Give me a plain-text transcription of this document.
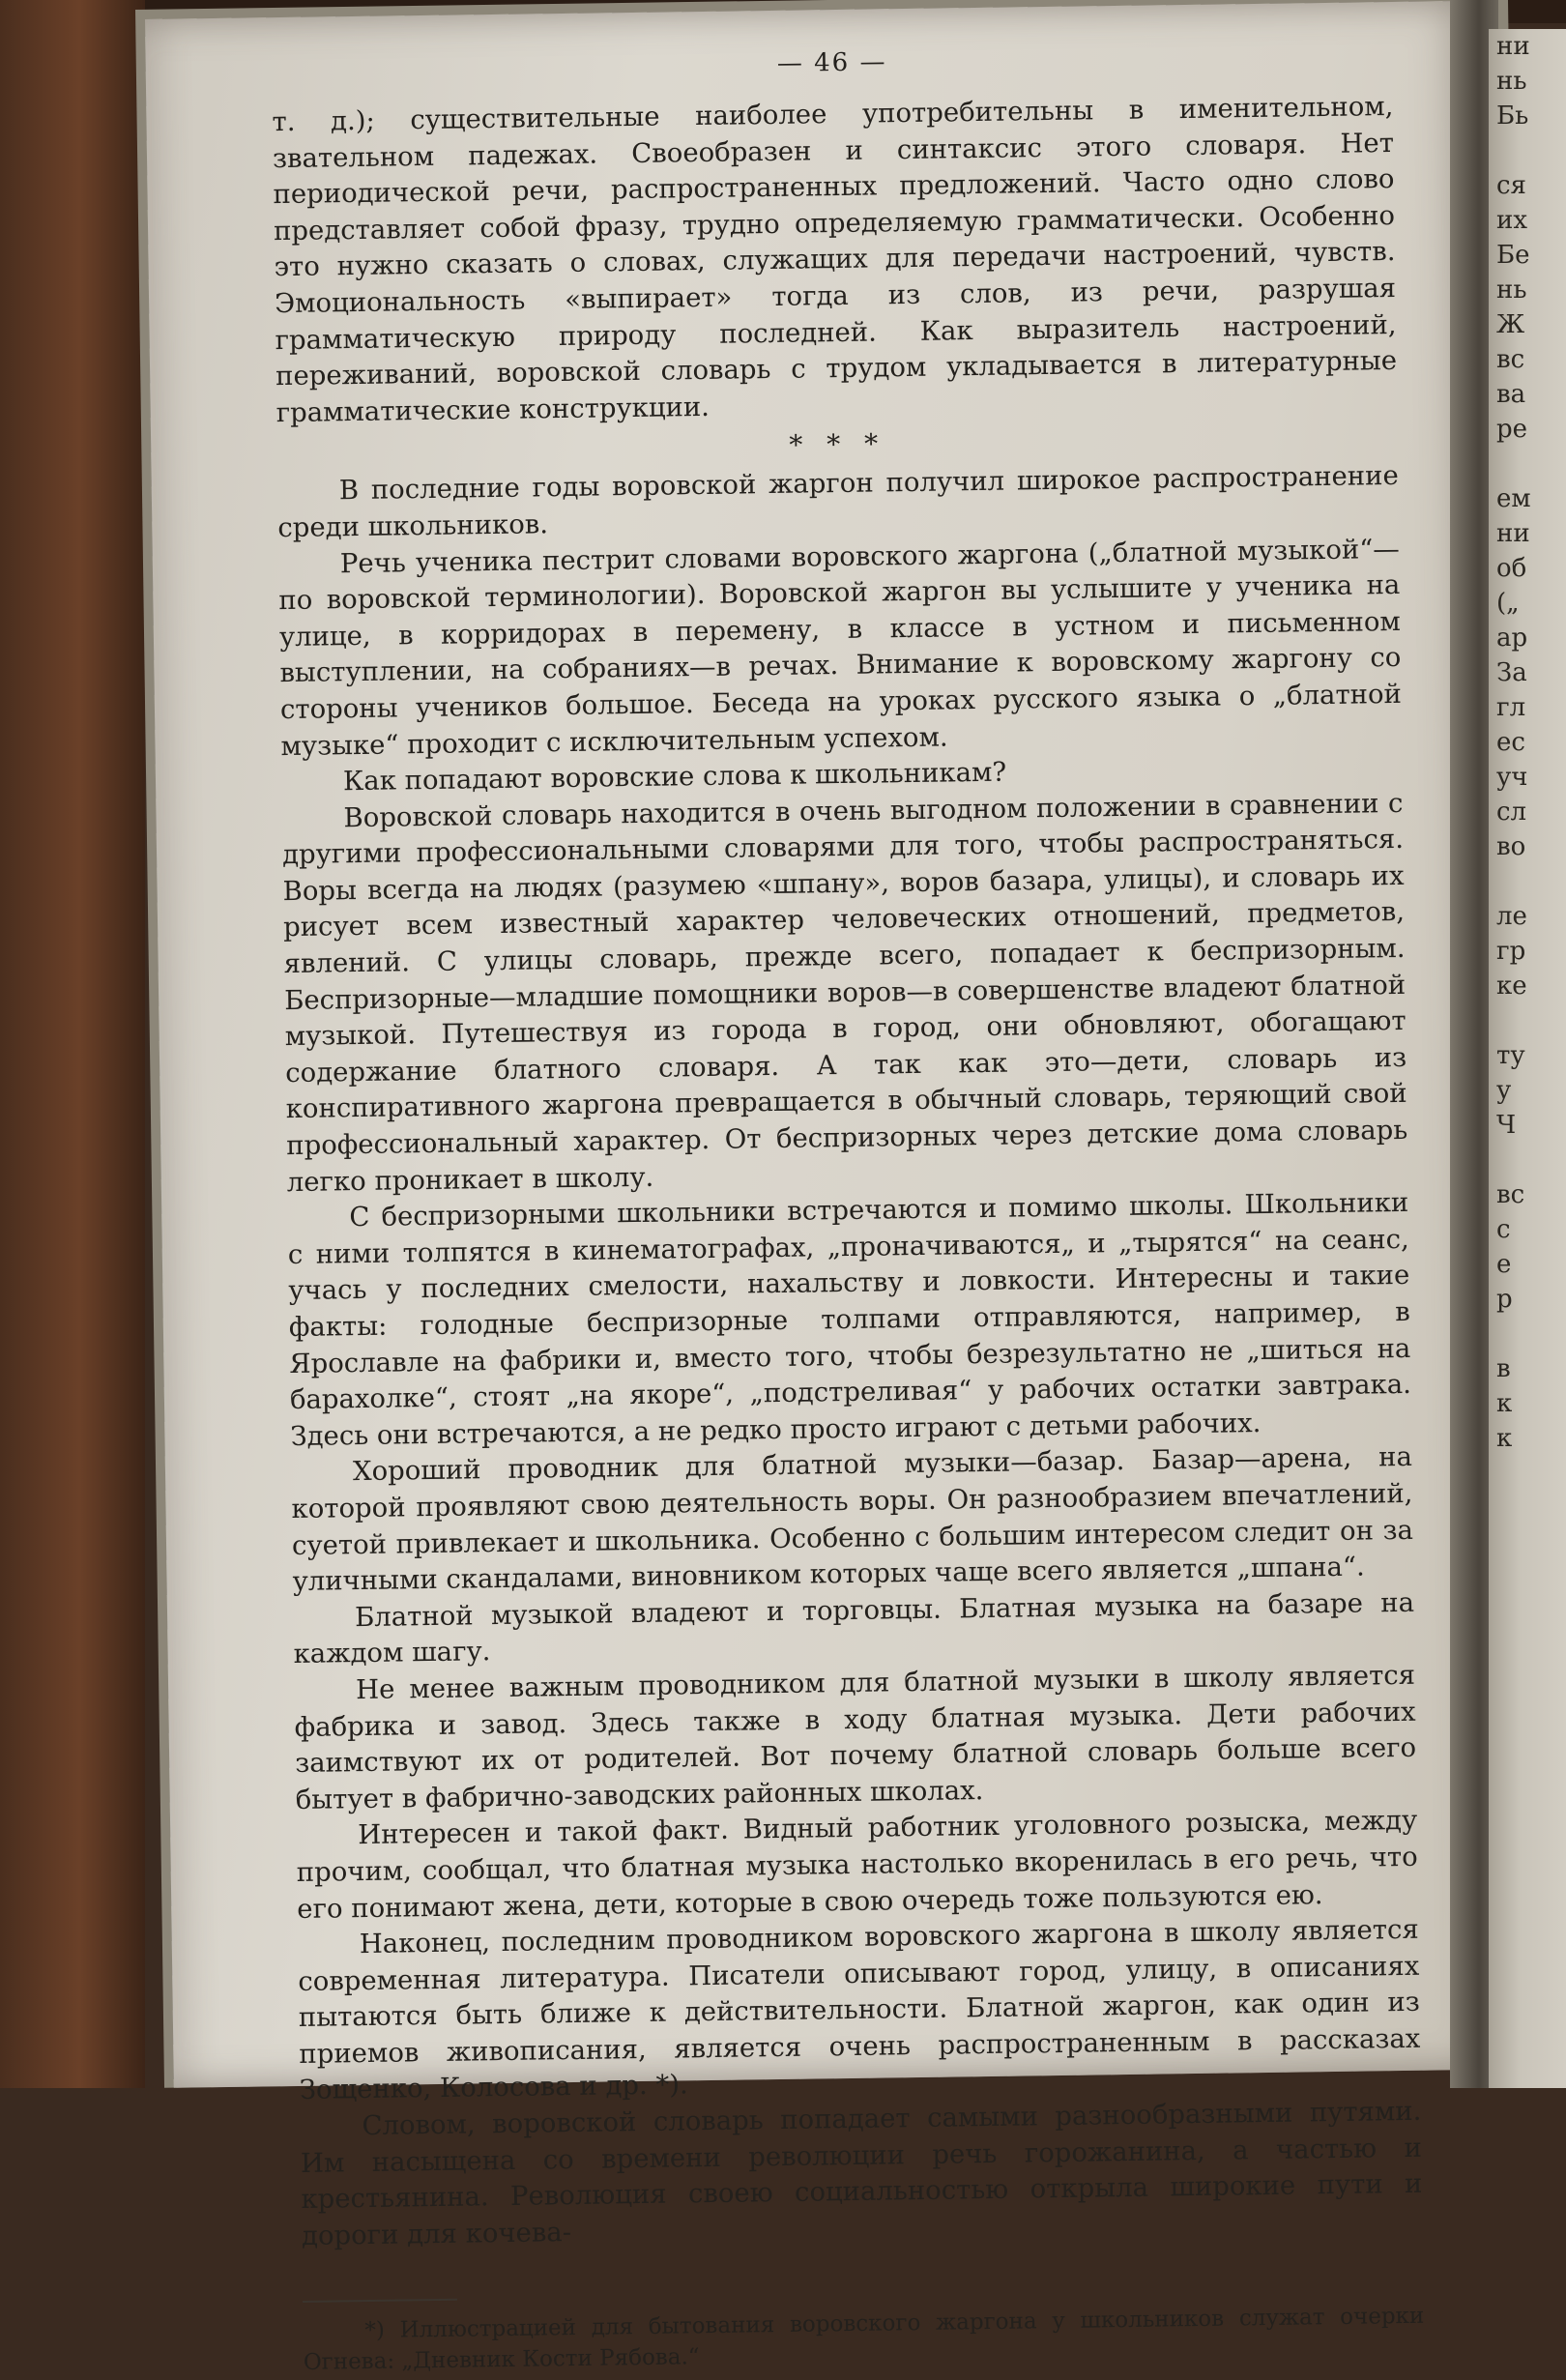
— 46 —

т. д.); существительные наиболее употребительны в именительном, звательном падежах. Своеобразен и синтаксис этого словаря. Нет периодической речи, распространенных предложений. Часто одно слово представляет собой фразу, трудно определяемую грамматически. Особенно это нужно сказать о словах, служащих для передачи настроений, чувств. Эмоциональность «выпирает» тогда из слов, из речи, разрушая грамматическую природу последней. Как выразитель настроений, переживаний, воровской словарь с трудом укладывается в литературные грамматические конструкции.

* * *

В последние годы воровской жаргон получил широкое распространение среди школьников.

Речь ученика пестрит словами воровского жаргона („блатной музыкой“—по воровской терминологии). Воровской жаргон вы услышите у ученика на улице, в корридорах в перемену, в классе в устном и письменном выступлении, на собраниях—в речах. Внимание к воровскому жаргону со стороны учеников большое. Беседа на уроках русского языка о „блатной музыке“ проходит с исключительным успехом.

Как попадают воровские слова к школьникам?

Воровской словарь находится в очень выгодном положении в сравнении с другими профессиональными словарями для того, чтобы распространяться. Воры всегда на людях (разумею «шпану», воров базара, улицы), и словарь их рисует всем известный характер человеческих отношений, предметов, явлений. С улицы словарь, прежде всего, попадает к беспризорным. Беспризорные—младшие помощники воров—в совершенстве владеют блатной музыкой. Путешествуя из города в город, они обновляют, обогащают содержание блатного словаря. А так как это—дети, словарь из конспиративного жаргона превращается в обычный словарь, теряющий свой профессиональный характер. От беспризорных через детские дома словарь легко проникает в школу.

С беспризорными школьники встречаются и помимо школы. Школьники с ними толпятся в кинематографах, „проначиваются„ и „тырятся“ на сеанс, учась у последних смелости, нахальству и ловкости. Интересны и такие факты: голодные беспризорные толпами отправляются, например, в Ярославле на фабрики и, вместо того, чтобы безрезультатно не „шиться на барахолке“, стоят „на якоре“, „подстреливая“ у рабочих остатки завтрака. Здесь они встречаются, а не редко просто играют с детьми рабочих.

Хороший проводник для блатной музыки—базар. Базар—арена, на которой проявляют свою деятельность воры. Он разнообразием впечатлений, суетой привлекает и школьника. Особенно с большим интересом следит он за уличными скандалами, виновником которых чаще всего является „шпана“.

Блатной музыкой владеют и торговцы. Блатная музыка на базаре на каждом шагу.

Не менее важным проводником для блатной музыки в школу является фабрика и завод. Здесь также в ходу блатная музыка. Дети рабочих заимствуют их от родителей. Вот почему блатной словарь больше всего бытует в фабрично-заводских районных школах.

Интересен и такой факт. Видный работник уголовного розыска, между прочим, сообщал, что блатная музыка настолько вкоренилась в его речь, что его понимают жена, дети, которые в свою очередь тоже пользуются ею.

Наконец, последним проводником воровского жаргона в школу является современная литература. Писатели описывают город, улицу, в описаниях пытаются быть ближе к действительности. Блатной жаргон, как один из приемов живописания, является очень распространенным в рассказах Зощенко, Колосова и др. *).

Словом, воровской словарь попадает самыми разнообразными путями. Им насыщена со времени революции речь горожанина, а частью и крестьянина. Революция своею социальностью открыла широкие пути и дороги для кочева-

*) Иллюстрацией для бытования воровского жаргона у школьников служат очерки Огнева: „Дневник Кости Рябова.“

ни
нь
Бь

ся
их
Бе
нь
Ж
вс
ва
ре

ем
ни
об
(„
ар
За
гл
ес
уч
сл
во

ле
гр
ке

ту
у
Ч

вс
с
е
р

в
к
к
